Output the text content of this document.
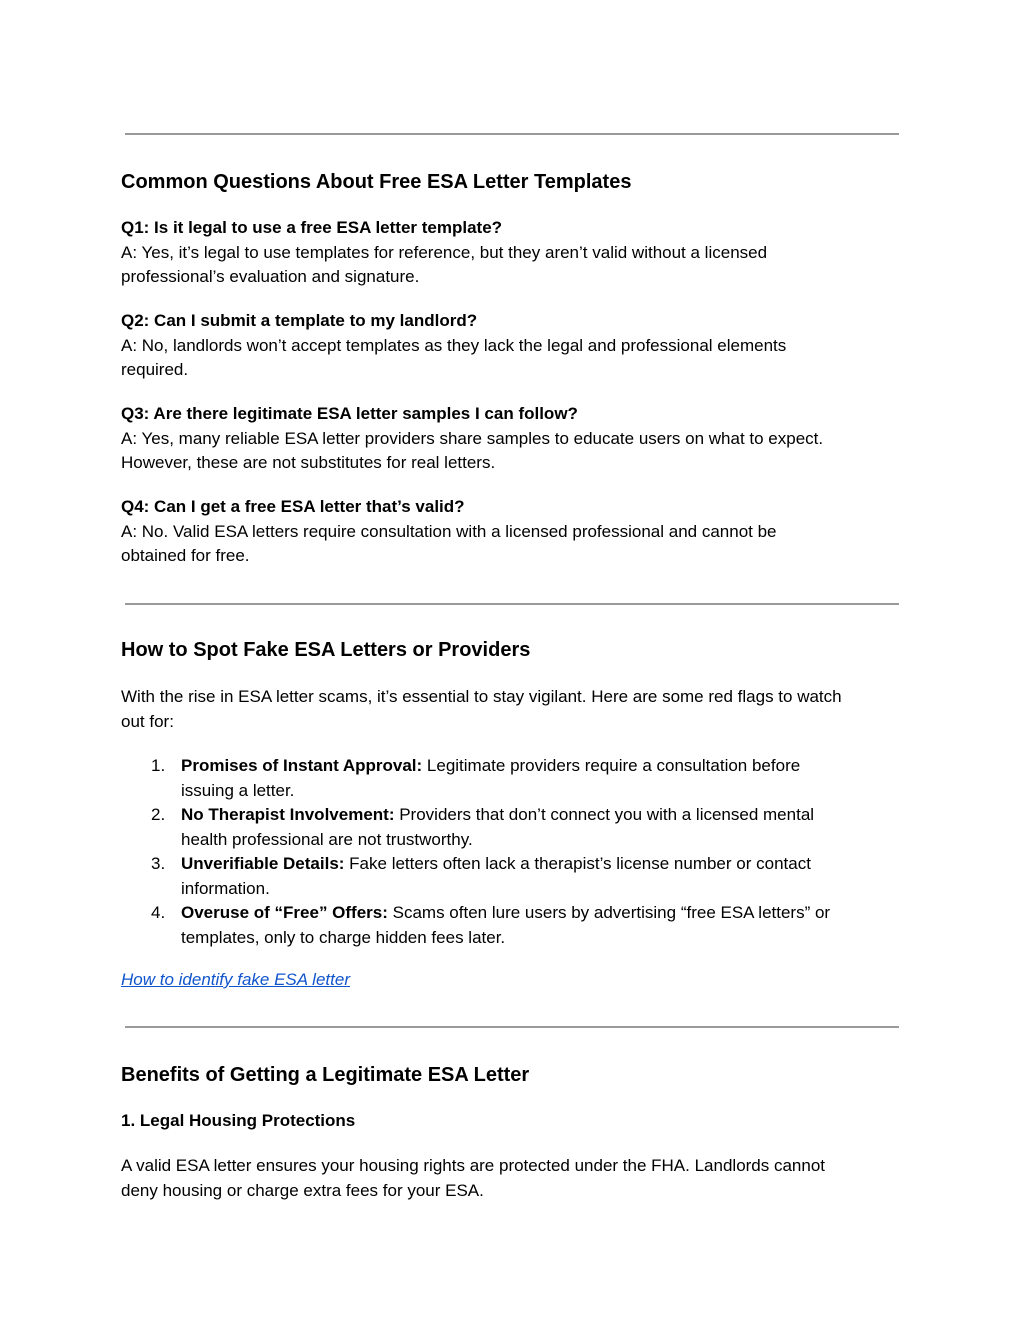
Common Questions About Free ESA Letter Templates
Q1: Is it legal to use a free ESA letter template?
A: Yes, it’s legal to use templates for reference, but they aren’t valid without a licensed
professional’s evaluation and signature.
Q2: Can I submit a template to my landlord?
A: No, landlords won’t accept templates as they lack the legal and professional elements
required.
Q3: Are there legitimate ESA letter samples I can follow?
A: Yes, many reliable ESA letter providers share samples to educate users on what to expect.
However, these are not substitutes for real letters.
Q4: Can I get a free ESA letter that’s valid?
A: No. Valid ESA letters require consultation with a licensed professional and cannot be
obtained for free.
How to Spot Fake ESA Letters or Providers
With the rise in ESA letter scams, it’s essential to stay vigilant. Here are some red flags to watch
out for:
1. Promises of Instant Approval: Legitimate providers require a consultation before
issuing a letter.
2. No Therapist Involvement: Providers that don’t connect you with a licensed mental
health professional are not trustworthy.
3. Unverifiable Details: Fake letters often lack a therapist’s license number or contact
information.
4. Overuse of “Free” Offers: Scams often lure users by advertising “free ESA letters” or
templates, only to charge hidden fees later.
How to identify fake ESA letter
Benefits of Getting a Legitimate ESA Letter
1. Legal Housing Protections
A valid ESA letter ensures your housing rights are protected under the FHA. Landlords cannot
deny housing or charge extra fees for your ESA.
